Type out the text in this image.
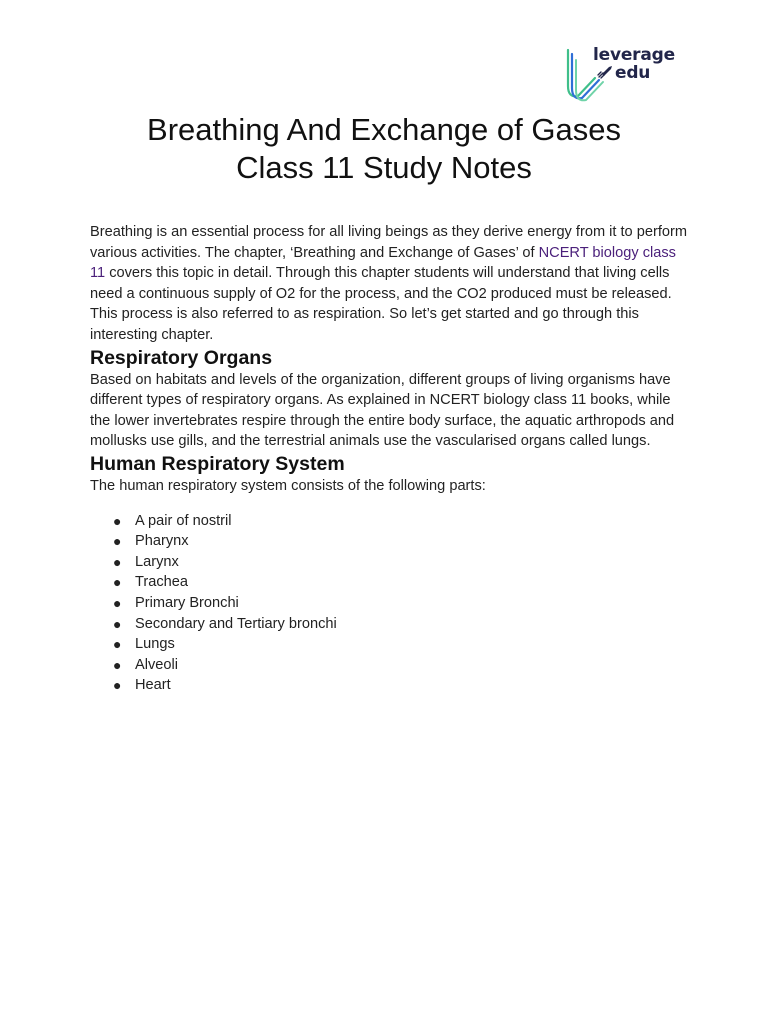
leverage
edu
Breathing And Exchange of Gases
Class 11 Study Notes

Breathing is an essential process for all living beings as they derive energy from it to perform various activities. The chapter, ‘Breathing and Exchange of Gases’ of NCERT biology class 11 covers this topic in detail. Through this chapter students will understand that living cells need a continuous supply of O2 for the process, and the CO2 produced must be released. This process is also referred to as respiration. So let’s get started and go through this interesting chapter.

Respiratory Organs

Based on habitats and levels of the organization, different groups of living organisms have different types of respiratory organs. As explained in NCERT biology class 11 books, while the lower invertebrates respire through the entire body surface, the aquatic arthropods and mollusks use gills, and the terrestrial animals use the vascularised organs called lungs.

Human Respiratory System

The human respiratory system consists of the following parts:

● A pair of nostril
● Pharynx
● Larynx
● Trachea
● Primary Bronchi
● Secondary and Tertiary bronchi
● Lungs
● Alveoli
● Heart
